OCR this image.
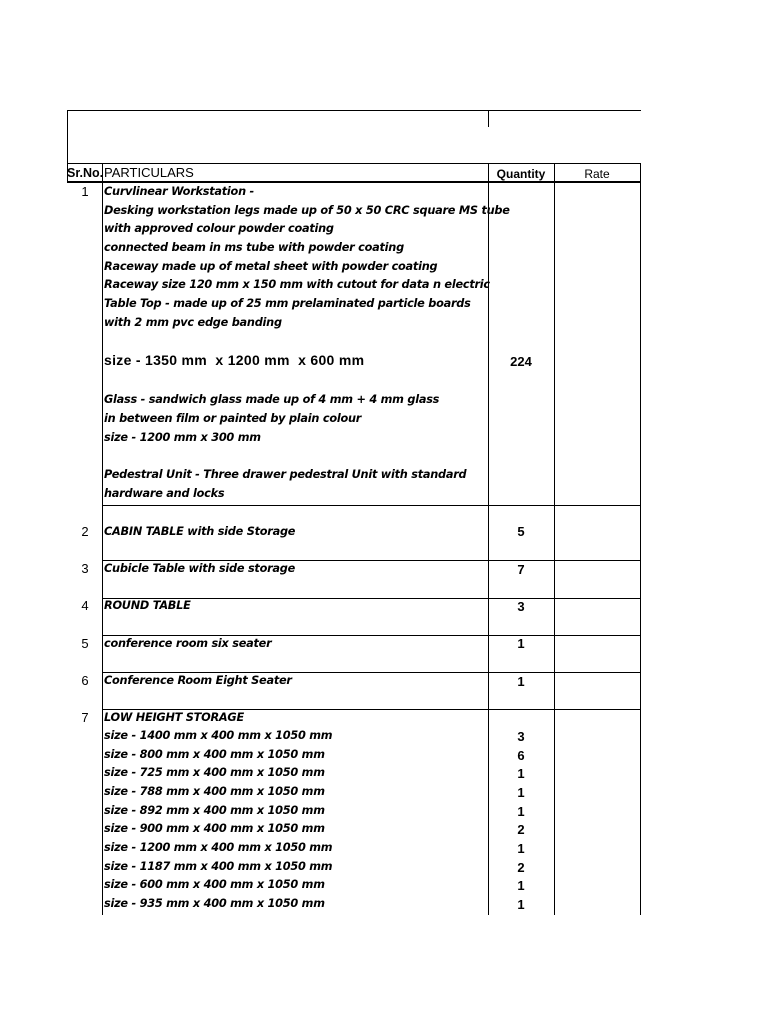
Sr.No. PARTICULARS	Quantity	Rate
1	Curvlinear Workstation -
Desking workstation legs made up of 50 x 50 CRC square MS tube
with approved colour powder coating
connected beam in ms tube with powder coating
Raceway made up of metal sheet with powder coating
Raceway size 120 mm x 150 mm with cutout for data n electric
Table Top - made up of 25 mm prelaminated particle boards
with 2 mm pvc edge banding
size - 1350 mm  x 1200 mm  x 600 mm	224
Glass - sandwich glass made up of 4 mm + 4 mm glass
in between film or painted by plain colour
size - 1200 mm x 300 mm
Pedestral Unit - Three drawer pedestral Unit with standard
hardware and locks
2	CABIN TABLE with side Storage	5
3	Cubicle Table with side storage	7
4	ROUND TABLE	3
5	conference room six seater	1
6	Conference Room Eight Seater	1
7	LOW HEIGHT STORAGE
size - 1400 mm x 400 mm x 1050 mm	3
size - 800 mm x 400 mm x 1050 mm	6
size - 725 mm x 400 mm x 1050 mm	1
size - 788 mm x 400 mm x 1050 mm	1
size - 892 mm x 400 mm x 1050 mm	1
size - 900 mm x 400 mm x 1050 mm	2
size - 1200 mm x 400 mm x 1050 mm	1
size - 1187 mm x 400 mm x 1050 mm	2
size - 600 mm x 400 mm x 1050 mm	1
size - 935 mm x 400 mm x 1050 mm	1
